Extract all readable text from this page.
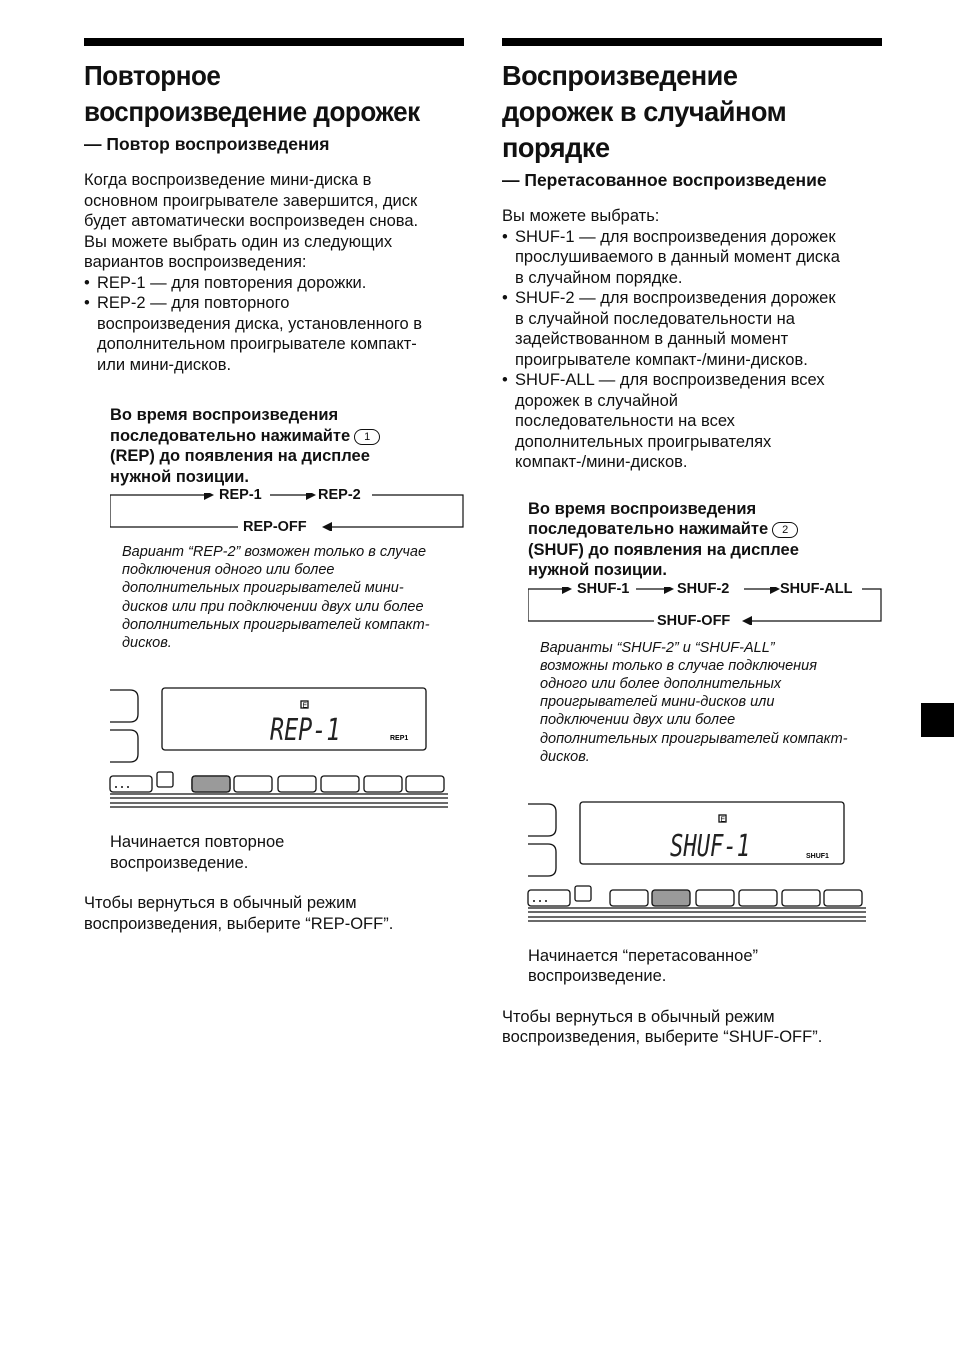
Повторное
воспроизведение дорожек
— Повтор воспроизведения

Когда воспроизведение мини-диска в

основном проигрывателе завершится, диск

будет автоматически воспроизведен снова.

Вы можете выбрать один из следующих

вариантов воспроизведения:

• REP-1 — для повторения дорожки.
• REP-2 — для повторного
воспроизведения диска, установленного в
дополнительном проигрывателе компакт-
или мини-дисков.

Во время воспроизведения

последовательно нажимайте 1

(REP) до появления на дисплее

нужной позиции.

REP-1	REP-2
REP-OFF

Вариант “REP-2” возможен только в случае

подключения одного или более

дополнительных проигрывателей мини-

дисков или при подключении двух или более

дополнительных проигрывателей компакт-

дисков.

E
REP-1	REP1

Начинается повторное

воспроизведение.

Чтобы вернуться в обычный режим

воспроизведения, выберите “REP-OFF”.

Воспроизведение
дорожек в случайном
порядке
— Перетасованное воспроизведение

Вы можете выбрать:

• SHUF-1 — для воспроизведения дорожек
прослушиваемого в данный момент диска
в случайном порядке.
• SHUF-2 — для воспроизведения дорожек
в случайной последовательности на
задействованном в данный момент
проигрывателе компакт-/мини-дисков.
• SHUF-ALL — для воспроизведения всех
дорожек в случайной
последовательности на всех
дополнительных проигрывателях
компакт-/мини-дисков.

Во время воспроизведения

последовательно нажимайте 2

(SHUF) до появления на дисплее

нужной позиции.

SHUF-1	SHUF-2	SHUF-ALL
SHUF-OFF

Варианты “SHUF-2” и “SHUF-ALL”

возможны только в случае подключения

одного или более дополнительных

проигрывателей мини-дисков или

подключении двух или более

дополнительных проигрывателей компакт-

дисков.

E
SHUF-1	SHUF1

Начинается “перетасованное”

воспроизведение.

Чтобы вернуться в обычный режим

воспроизведения, выберите “SHUF-OFF”.
